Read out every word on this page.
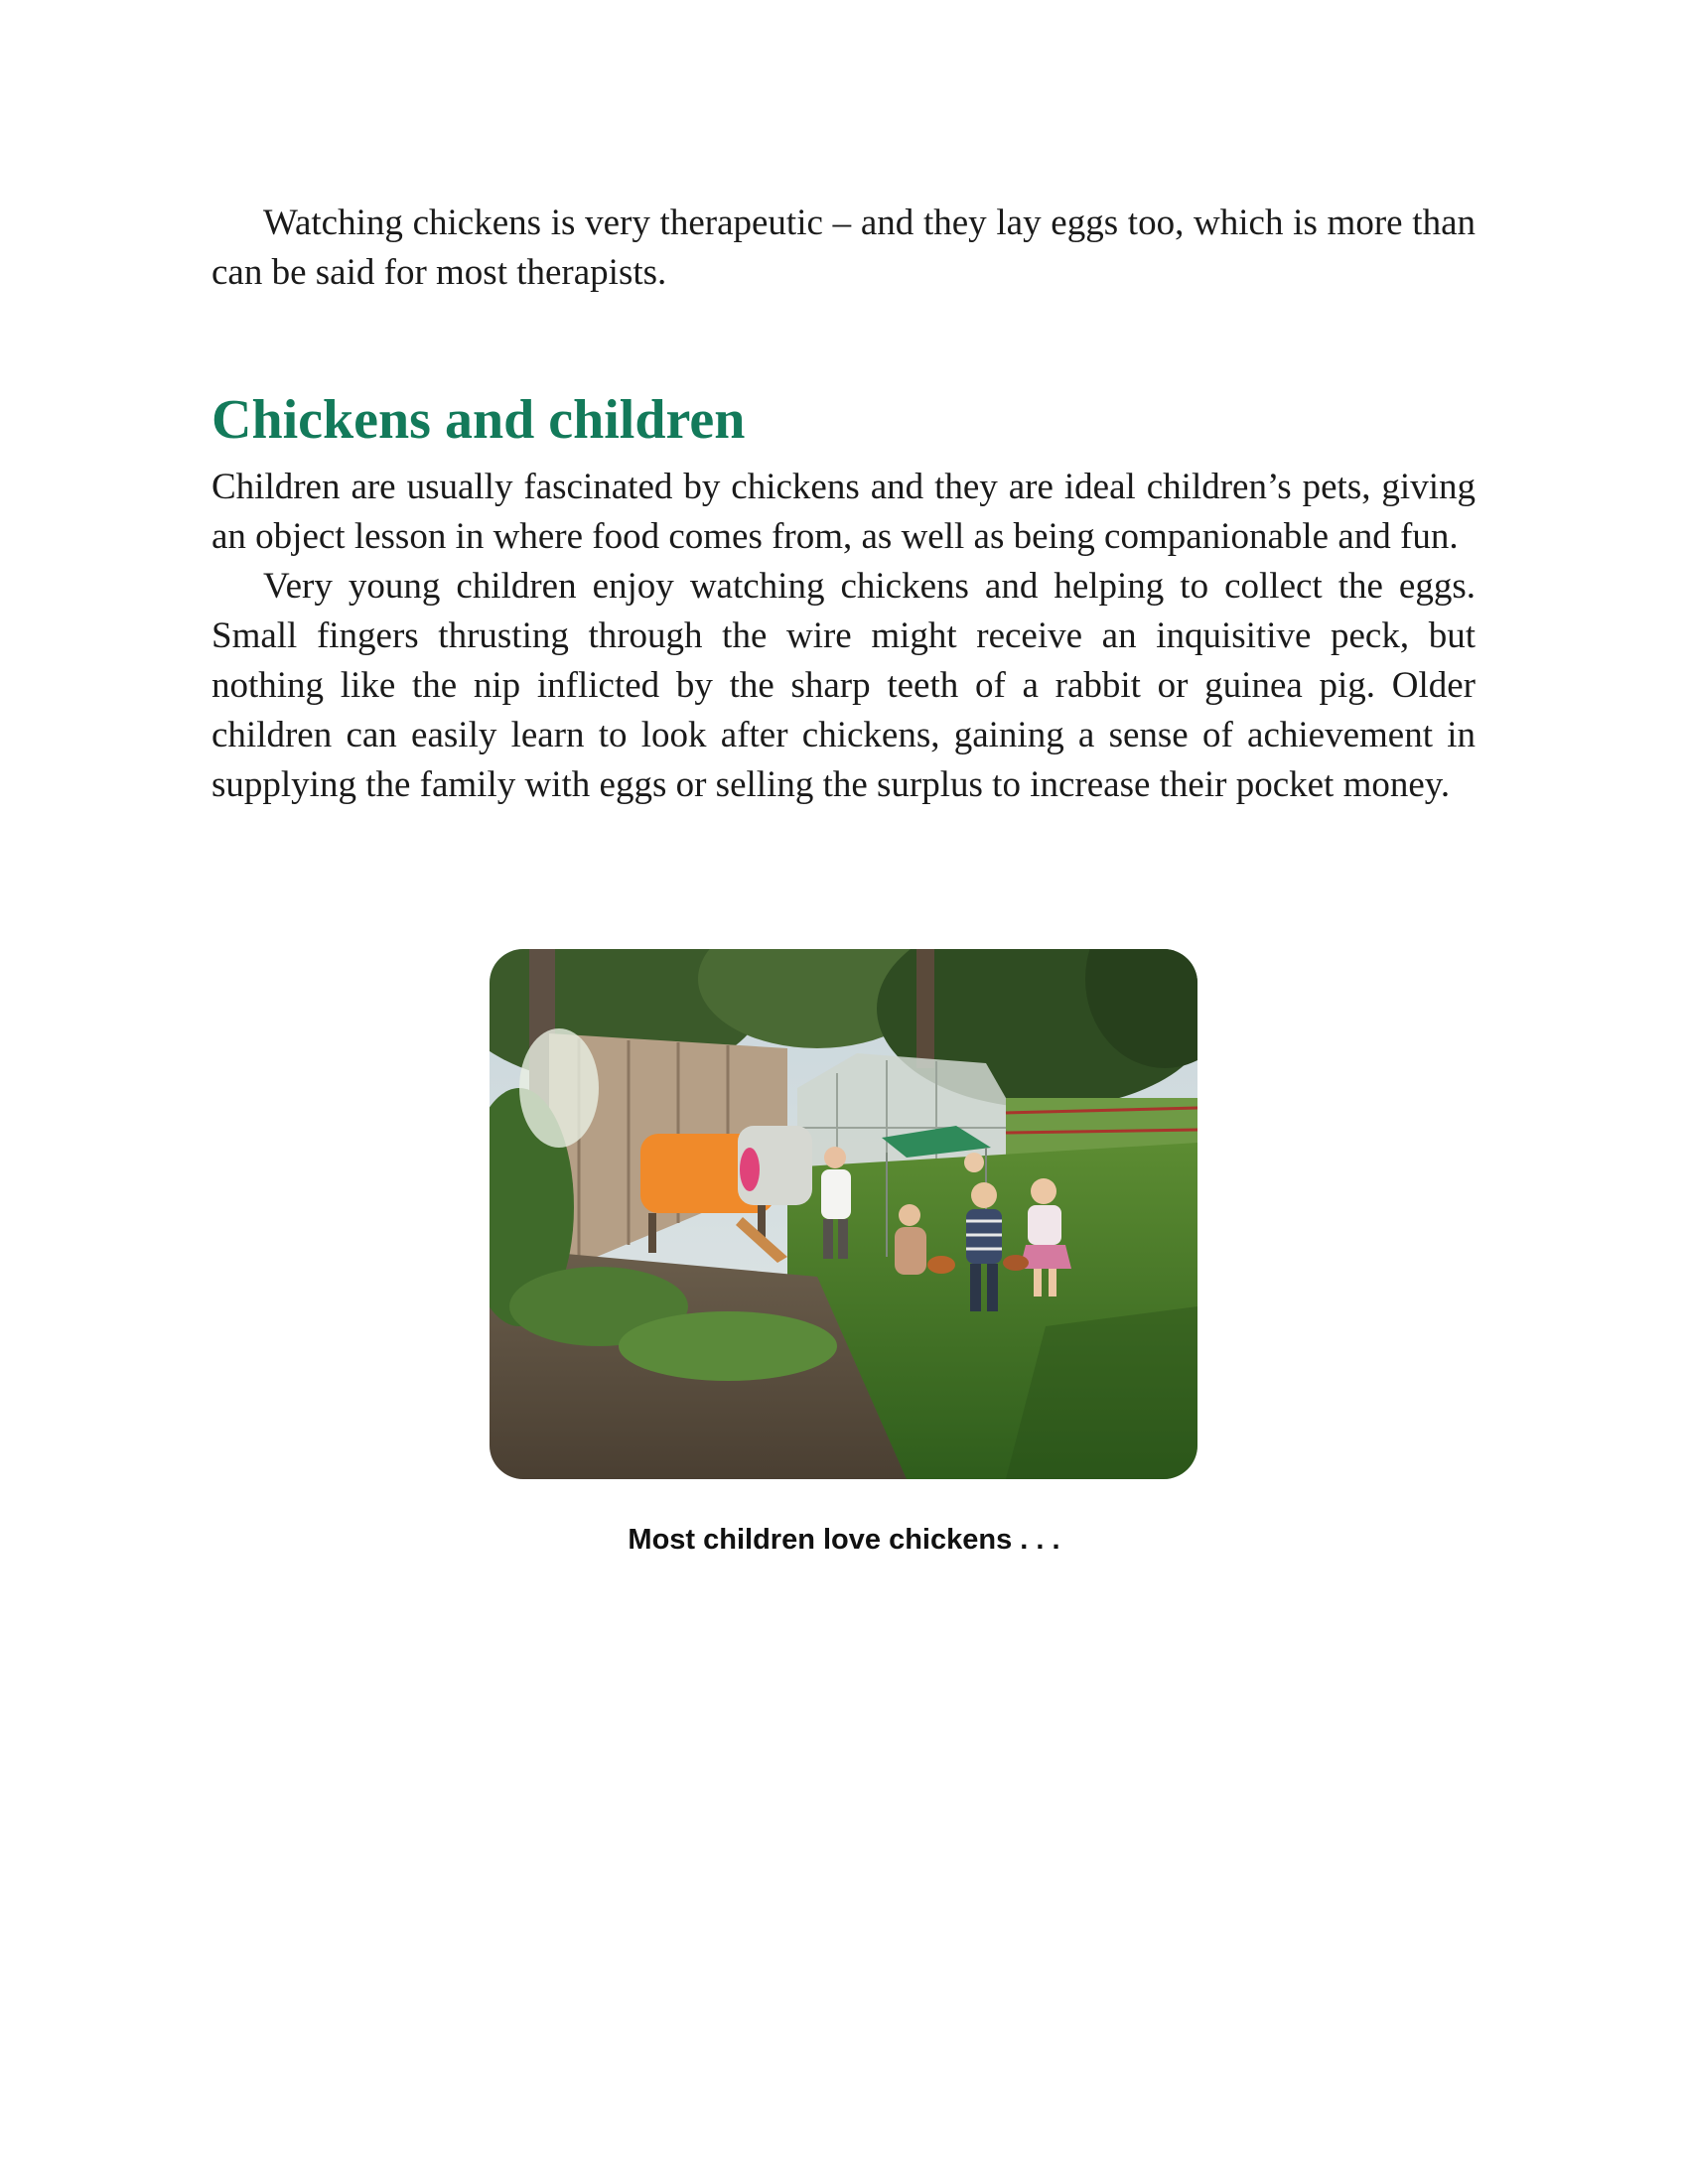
Watching chickens is very therapeutic – and they lay eggs too, which is more than can be said for most therapists.

Chickens and children

Children are usually fascinated by chickens and they are ideal children’s pets, giving an object lesson in where food comes from, as well as being companionable and fun.

Very young children enjoy watching chickens and helping to collect the eggs. Small fingers thrusting through the wire might receive an inquisitive peck, but nothing like the nip inflicted by the sharp teeth of a rabbit or guinea pig. Older children can easily learn to look after chickens, gaining a sense of achievement in supplying the family with eggs or selling the surplus to increase their pocket money.

Most children love chickens . . .
